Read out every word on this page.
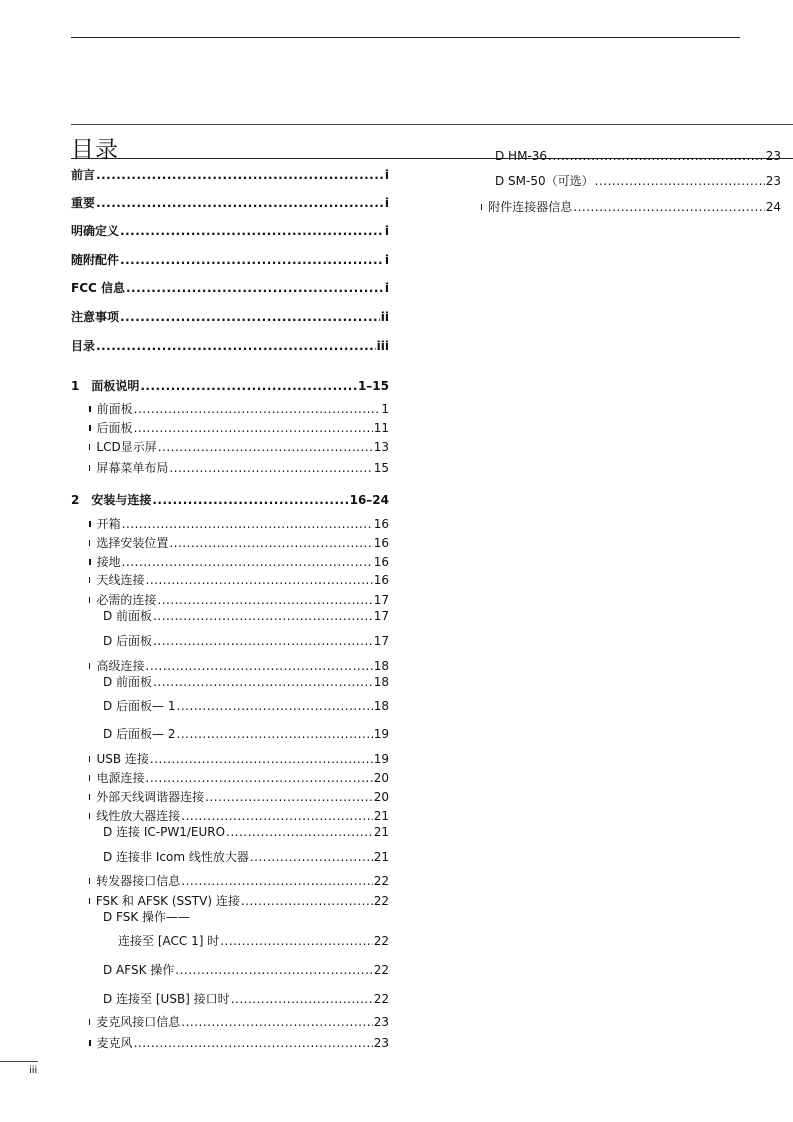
目录
前言 .....	i
重要 .....	i
明确定义 .....	i
随附配件 .....	i
FCC 信息 .....	i
注意事项 .....	ii
目录 .....	iii
1 面板说明 .....	1–15
前面板 .....	1
后面板 .....	11
LCD显示屏 .....	13
屏幕菜单布局 .....	15
2 安装与连接 .....	16–24
开箱 .....	16
选择安装位置 .....	16
接地 .....	16
天线连接 .....	16
必需的连接 .....	17
D 前面板 .....	17
D 后面板 .....	17
高级连接 .....	18
D 前面板 .....	18
D 后面板— 1 .....	18
D 后面板— 2 .....	19
USB 连接 .....	19
电源连接 .....	20
外部天线调谐器连接 .....	20
线性放大器连接 .....	21
D 连接 IC-PW1/EURO .....	21
D 连接非 Icom 线性放大器 .....	21
转发器接口信息 .....	22
FSK 和 AFSK (SSTV) 连接 .....	22
D FSK 操作——
连接至 [ACC 1] 时 .....	22
D AFSK 操作 .....	22
D 连接至 [USB] 接口时 .....	22
麦克风接口信息 .....	23
麦克风 .....	23
D HM-36 .....	23
D SM-50（可选） .....	23
附件连接器信息 .....	24
iii
